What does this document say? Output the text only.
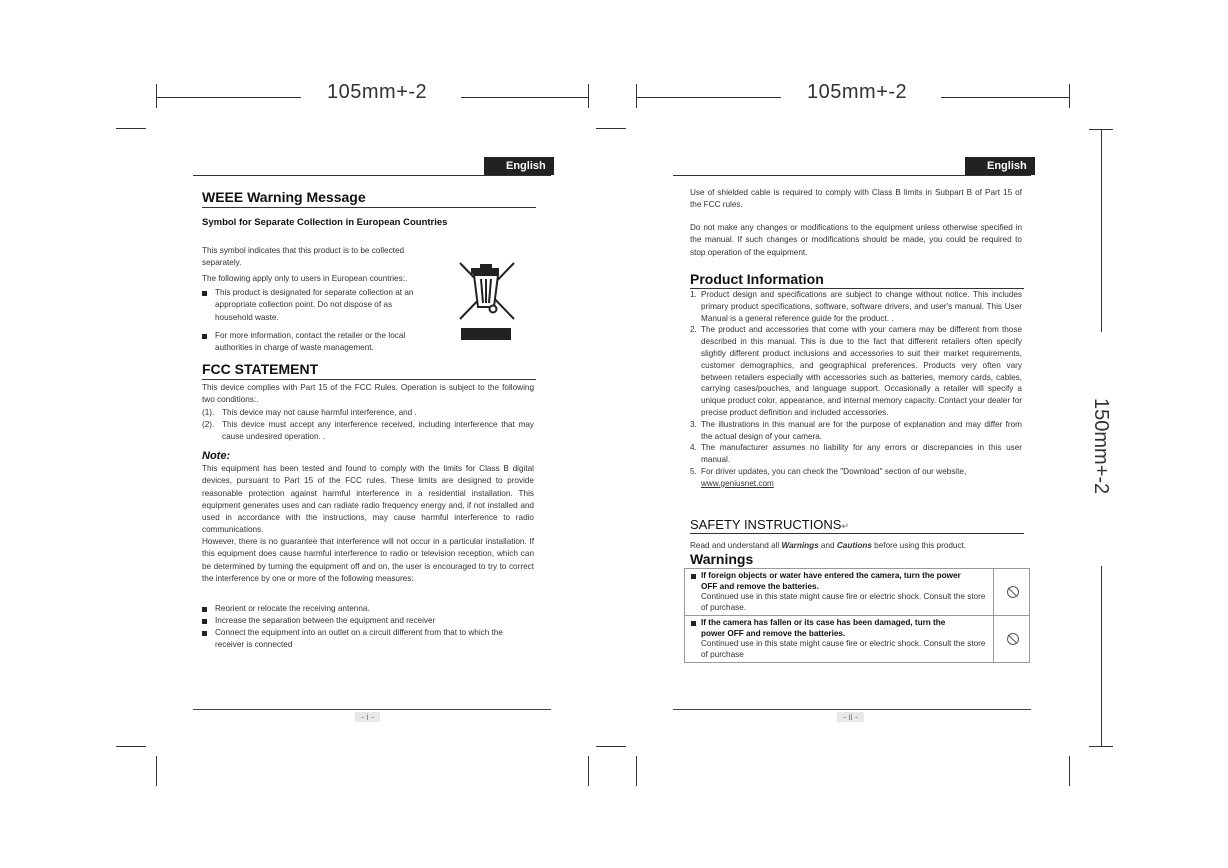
105mm+-2	105mm+-2
150mm+-2
English
WEEE Warning Message
Symbol for Separate Collection in European Countries
This symbol indicates that this product is to be collected separately.
The following apply only to users in European countries:.
This product is designated for separate collection at an appropriate collection point. Do not dispose of as household waste.
For more information, contact the retailer or the local authorities in charge of waste management.
FCC STATEMENT
This device complies with Part 15 of the FCC Rules. Operation is subject to the following two conditions:.
(1). This device may not cause harmful interference, and .
(2). This device must accept any interference received, including interference that may cause undesired operation. .
Note:
This equipment has been tested and found to comply with the limits for Class B digital devices, pursuant to Part 15 of the FCC rules. These limits are designed to provide reasonable protection against harmful interference in a residential installation. This equipment generates uses and can radiate radio frequency energy and, if not installed and used in accordance with the instructions, may cause harmful interference to radio communications.
However, there is no guarantee that interference will not occur in a particular installation. If this equipment does cause harmful interference to radio or television reception, which can be determined by turning the equipment off and on, the user is encouraged to try to correct the interference by one or more of the following measures:
Reorient or relocate the receiving antenna.
Increase the separation between the equipment and receiver
Connect the equipment into an outlet on a circuit different from that to which the receiver is connected
- i -
English
Use of shielded cable is required to comply with Class B limits in Subpart B of Part 15 of the FCC rules.
Do not make any changes or modifications to the equipment unless otherwise specified in the manual. If such changes or modifications should be made, you could be required to stop operation of the equipment.
Product Information
1. Product design and specifications are subject to change without notice. This includes primary product specifications, software, software drivers, and user's manual. This User Manual is a general reference guide for the product. .
2. The product and accessories that come with your camera may be different from those described in this manual. This is due to the fact that different retailers often specify slightly different product inclusions and accessories to suit their market requirements, customer demographics, and geographical preferences. Products very often vary between retailers especially with accessories such as batteries, memory cards, cables, carrying cases/pouches, and language support. Occasionally a retailer will specify a unique product color, appearance, and internal memory capacity. Contact your dealer for precise product definition and included accessories.
3. The illustrations in this manual are for the purpose of explanation and may differ from the actual design of your camera.
4. The manufacturer assumes no liability for any errors or discrepancies in this user manual.
5. For driver updates, you can check the "Download" section of our website,
www.geniusnet.com
SAFETY INSTRUCTIONS↵
Read and understand all Warnings and Cautions before using this product.
Warnings
If foreign objects or water have entered the camera, turn the power
OFF and remove the batteries.
Continued use in this state might cause fire or electric shock. Consult the store of purchase.
If the camera has fallen or its case has been damaged, turn the
power OFF and remove the batteries.
Continued use in this state might cause fire or electric shock. Consult the store of purchase
- ii -
